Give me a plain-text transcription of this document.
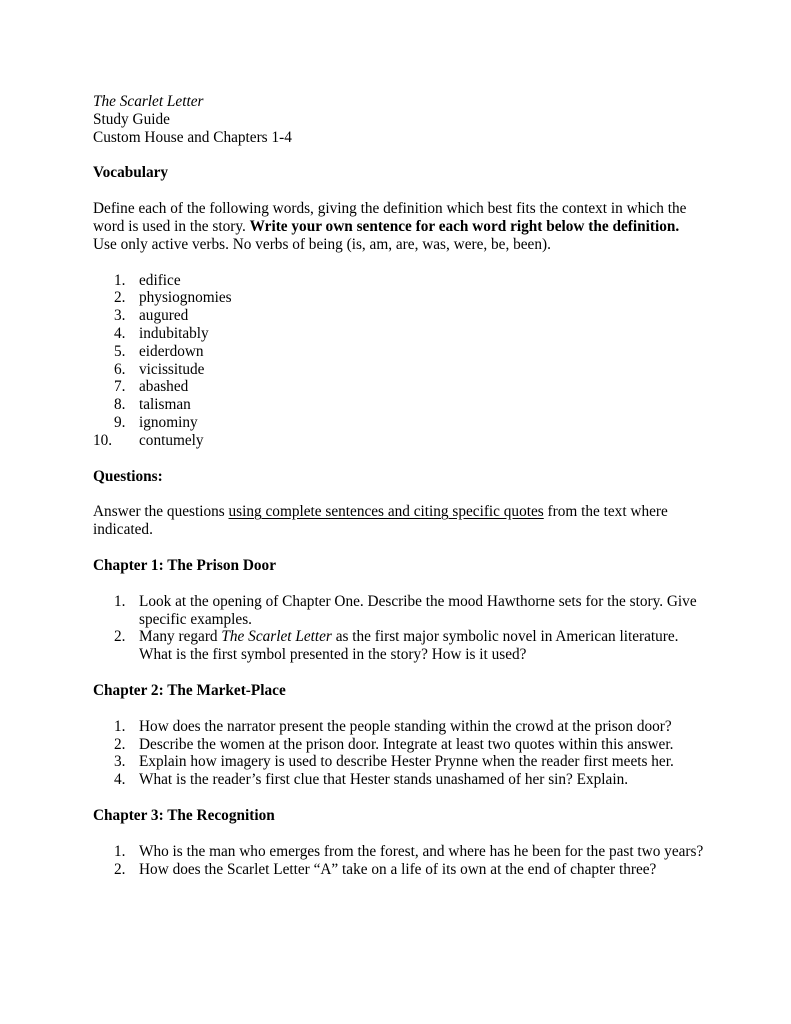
The Scarlet Letter
Study Guide
Custom House and Chapters 1-4
Vocabulary
Define each of the following words, giving the definition which best fits the context in which the word is used in the story. Write your own sentence for each word right below the definition.
Use only active verbs. No verbs of being (is, am, are, was, were, be, been).
1. edifice
2. physiognomies
3. augured
4. indubitably
5. eiderdown
6. vicissitude
7. abashed
8. talisman
9. ignominy
10.	contumely
Questions:
Answer the questions using complete sentences and citing specific quotes from the text where indicated.
Chapter 1: The Prison Door
1. Look at the opening of Chapter One. Describe the mood Hawthorne sets for the story. Give specific examples.
2. Many regard The Scarlet Letter as the first major symbolic novel in American literature. What is the first symbol presented in the story? How is it used?
Chapter 2: The Market-Place
1. How does the narrator present the people standing within the crowd at the prison door?
2. Describe the women at the prison door. Integrate at least two quotes within this answer.
3. Explain how imagery is used to describe Hester Prynne when the reader first meets her.
4. What is the reader’s first clue that Hester stands unashamed of her sin? Explain.
Chapter 3: The Recognition
1. Who is the man who emerges from the forest, and where has he been for the past two years?
2. How does the Scarlet Letter “A” take on a life of its own at the end of chapter three?
